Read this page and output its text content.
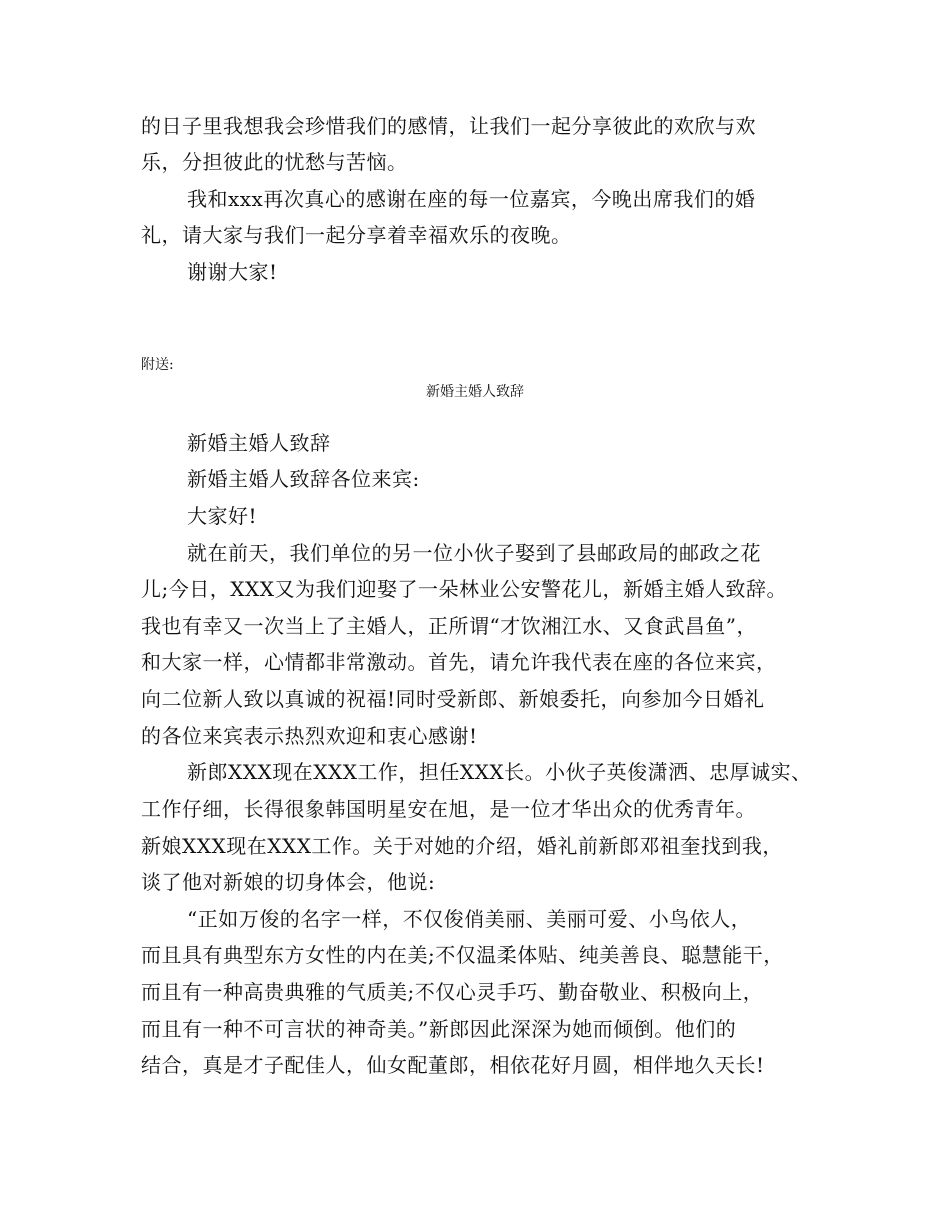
的日子里我想我会珍惜我们的感情，让我们一起分享彼此的欢欣与欢
乐，分担彼此的忧愁与苦恼。
我和xxx再次真心的感谢在座的每一位嘉宾，今晚出席我们的婚
礼，请大家与我们一起分享着幸福欢乐的夜晚。
谢谢大家!
附送:
新婚主婚人致辞
新婚主婚人致辞
新婚主婚人致辞各位来宾:
大家好!
就在前天，我们单位的另一位小伙子娶到了县邮政局的邮政之花
儿;今日，XXX又为我们迎娶了一朵林业公安警花儿，新婚主婚人致辞。
我也有幸又一次当上了主婚人，正所谓“才饮湘江水、又食武昌鱼”，
和大家一样，心情都非常激动。首先，请允许我代表在座的各位来宾，
向二位新人致以真诚的祝福!同时受新郎、新娘委托，向参加今日婚礼
的各位来宾表示热烈欢迎和衷心感谢!
新郎XXX现在XXX工作，担任XXX长。小伙子英俊潇洒、忠厚诚实、
工作仔细，长得很象韩国明星安在旭，是一位才华出众的优秀青年。
新娘XXX现在XXX工作。关于对她的介绍，婚礼前新郎邓祖奎找到我，
谈了他对新娘的切身体会，他说:
“正如万俊的名字一样，不仅俊俏美丽、美丽可爱、小鸟依人，
而且具有典型东方女性的内在美;不仅温柔体贴、纯美善良、聪慧能干，
而且有一种高贵典雅的气质美;不仅心灵手巧、勤奋敬业、积极向上，
而且有一种不可言状的神奇美。”新郎因此深深为她而倾倒。他们的
结合，真是才子配佳人，仙女配董郎，相依花好月圆，相伴地久天长!
